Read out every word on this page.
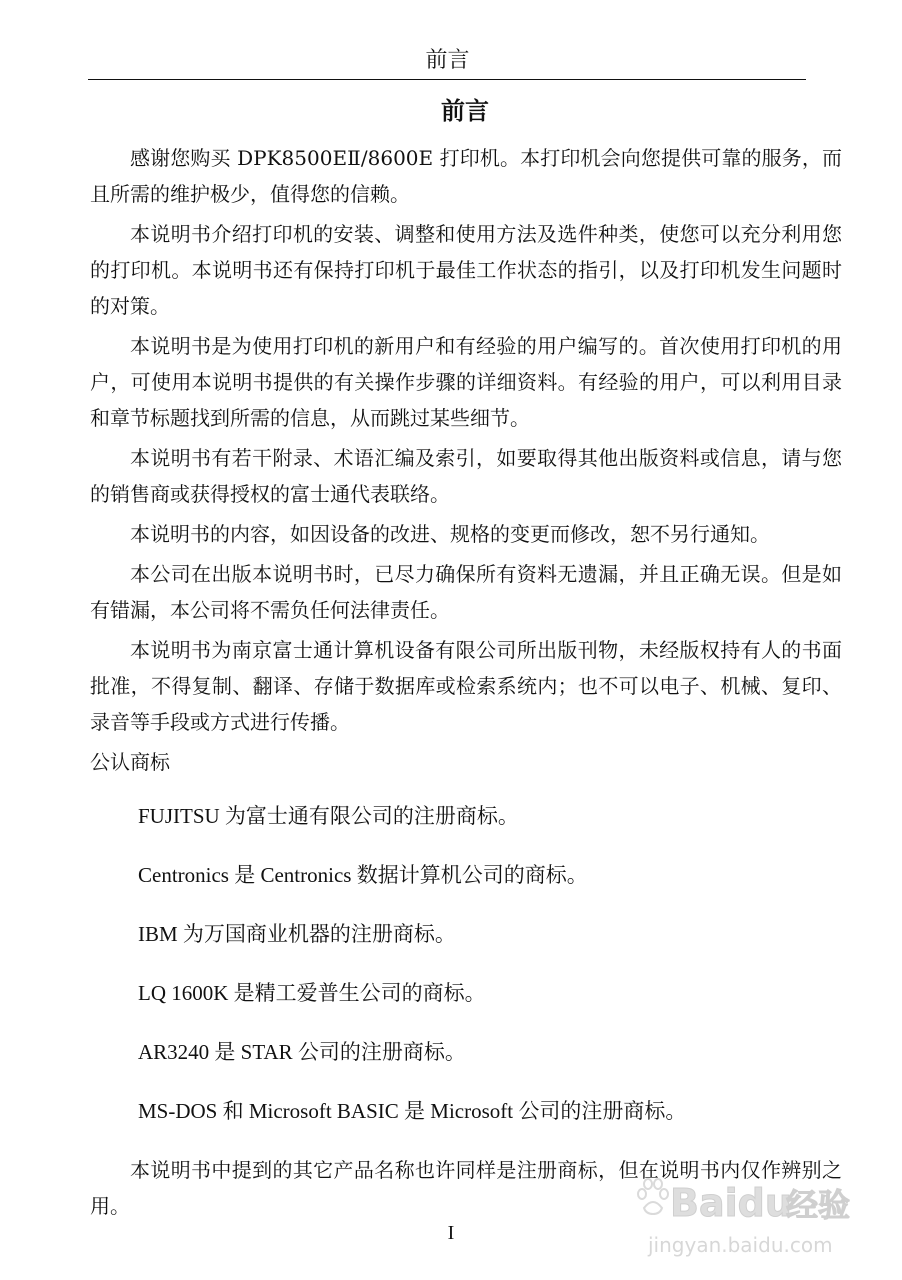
前言
前言

感谢您购买 DPK8500EⅡ/8600E 打印机。本打印机会向您提供可靠的服务，而且所需的维护极少，值得您的信赖。

本说明书介绍打印机的安装、调整和使用方法及选件种类，使您可以充分利用您的打印机。本说明书还有保持打印机于最佳工作状态的指引，以及打印机发生问题时的对策。

本说明书是为使用打印机的新用户和有经验的用户编写的。首次使用打印机的用户，可使用本说明书提供的有关操作步骤的详细资料。有经验的用户，可以利用目录和章节标题找到所需的信息，从而跳过某些细节。

本说明书有若干附录、术语汇编及索引，如要取得其他出版资料或信息，请与您的销售商或获得授权的富士通代表联络。

本说明书的内容，如因设备的改进、规格的变更而修改，恕不另行通知。

本公司在出版本说明书时，已尽力确保所有资料无遗漏，并且正确无误。但是如有错漏，本公司将不需负任何法律责任。

本说明书为南京富士通计算机设备有限公司所出版刊物，未经版权持有人的书面批准，不得复制、翻译、存储于数据库或检索系统内；也不可以电子、机械、复印、录音等手段或方式进行传播。

公认商标
FUJITSU 为富士通有限公司的注册商标。
Centronics 是 Centronics 数据计算机公司的商标。
IBM 为万国商业机器的注册商标。
LQ 1600K 是精工爱普生公司的商标。
AR3240 是 STAR 公司的注册商标。
MS-DOS 和 Microsoft BASIC 是 Microsoft 公司的注册商标。

本说明书中提到的其它产品名称也许同样是注册商标，但在说明书内仅作辨别之用。

I
Baidu
经验
jingyan.baidu.com
